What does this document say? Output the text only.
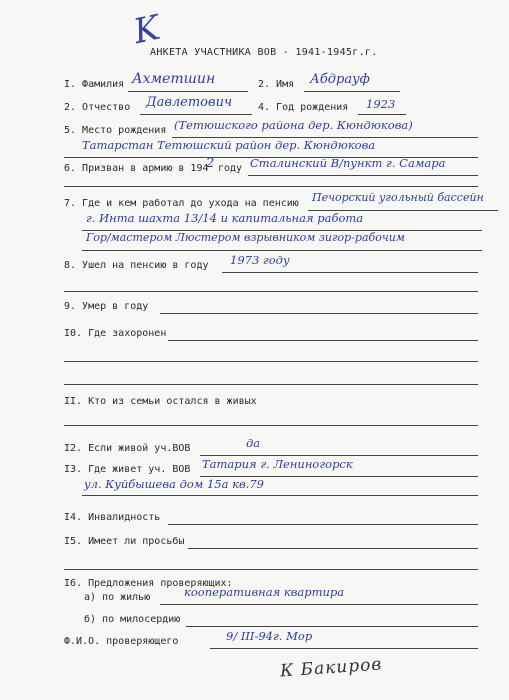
K
АНКЕТА УЧАСТНИКА ВОВ - 1941-1945г.г.
I. Фамилия Ахметшин	2. Имя Абдрауф
2. Отчество Давлетович	4. Год рождения 1923
5. Место рождения (Тетюшского района дер. Кюндюкова)
Татарстан Тетюшский район дер. Кюндюкова
6. Призван в армию в 194
2 году Сталинский В/пункт г. Самара
7. Где и кем работал до ухода на пенсию Печорский угольный бассейн
г. Инта шахта 13/14 и капитальная работа
Гор/мастером Люстером взрывником зигор-рабочим
8. Ушел на пенсию в году 1973 году
9. Умер в году
I0. Где захоронен
II. Кто из семьи остался в живых
I2. Если живой уч.ВОВ	да
I3. Где живет уч. ВОВ Татария г. Лениногорск
ул. Куйбышева дом 15а кв.79
I4. Инвалидность
I5. Имеет ли просьбы
I6. Предложения проверяющих:
а) по жилью	кооперативная квартира
б) по милосердию
Ф.И.О. проверяющего	9/ III-94г. Мор
К Бакиров
